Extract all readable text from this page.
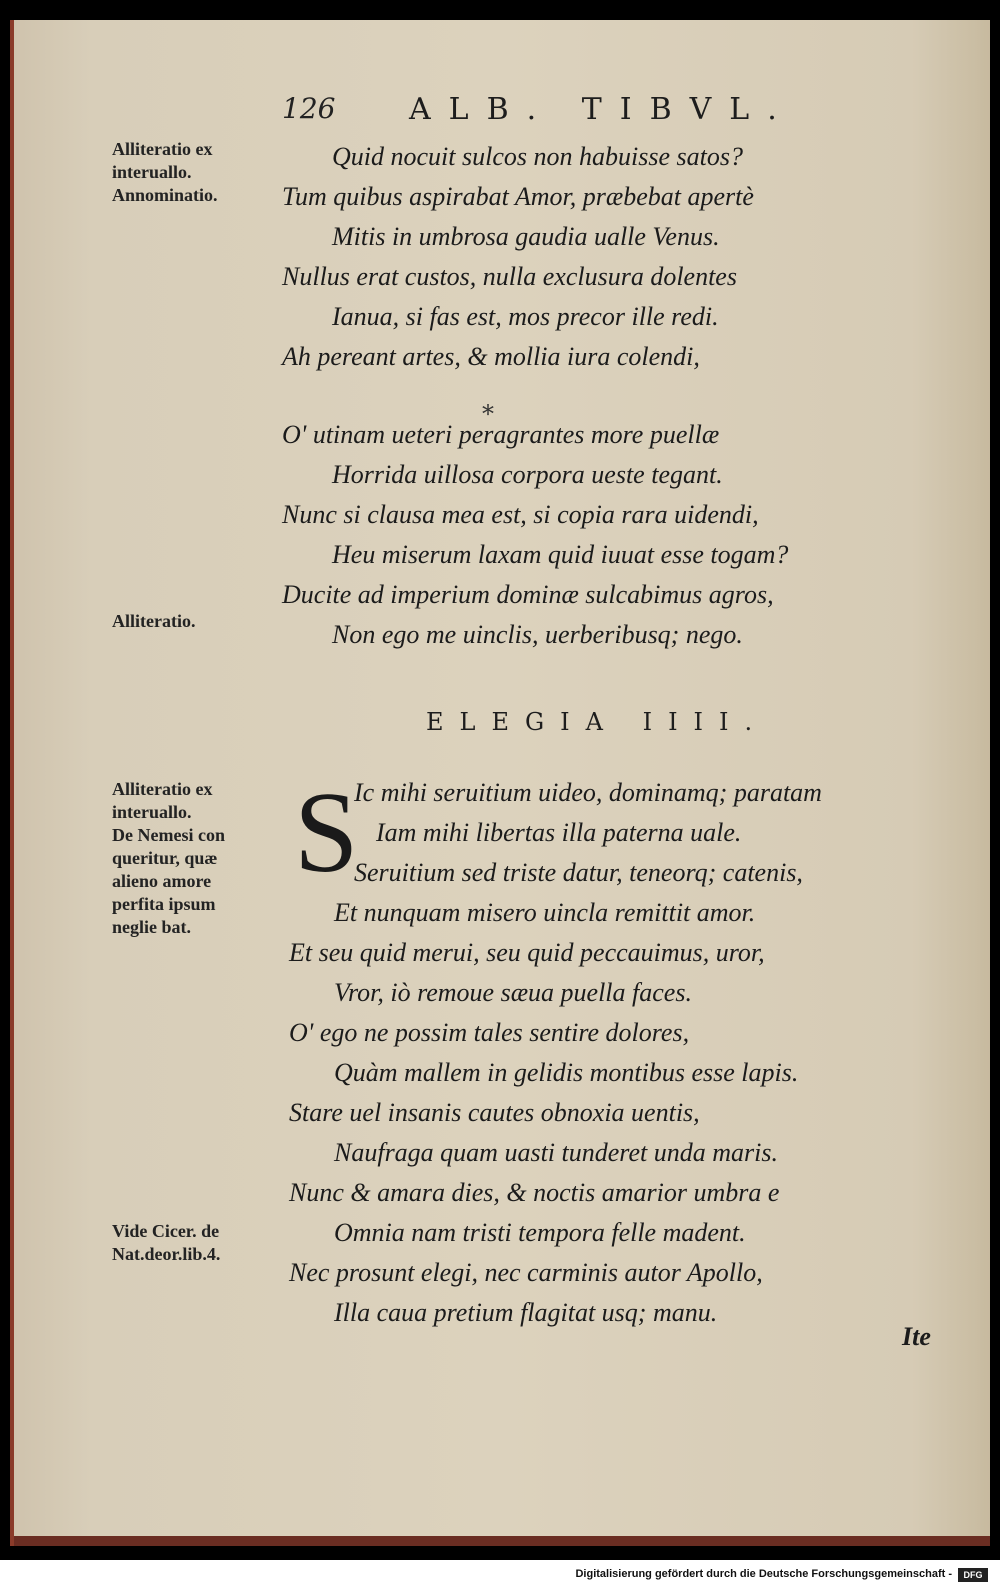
126 ALB. TIBVL.
Alliteratio ex
interuallo.
Annominatio.
Alliteratio.
Alliteratio ex
interuallo.
De Nemesi con
queritur, quæ
alieno amore
perfita ipsum
neglie bat.
Vide Cicer. de
Nat.deor.lib.4.
Quid nocuit sulcos non habuisse satos?
Tum quibus aspirabat Amor, præbebat apertè
Mitis in umbrosa gaudia ualle Venus.
Nullus erat custos, nulla exclusura dolentes
Ianua, si fas est, mos precor ille redi.
Ah pereant artes, & mollia iura colendi,
*
O' utinam ueteri peragrantes more puellæ
Horrida uillosa corpora ueste tegant.
Nunc si clausa mea est, si copia rara uidendi,
Heu miserum laxam quid iuuat esse togam?
Ducite ad imperium dominæ sulcabimus agros,
Non ego me uinclis, uerberibusq; nego.
ELEGIA IIII.
S
Ic mihi seruitium uideo, dominamq; paratam
Iam mihi libertas illa paterna uale.
Seruitium sed triste datur, teneorq; catenis,
Et nunquam misero uincla remittit amor.
Et seu quid merui, seu quid peccauimus, uror,
Vror, iò remoue sæua puella faces.
O' ego ne possim tales sentire dolores,
Quàm mallem in gelidis montibus esse lapis.
Stare uel insanis cautes obnoxia uentis,
Naufraga quam uasti tunderet unda maris.
Nunc & amara dies, & noctis amarior umbra e
Omnia nam tristi tempora felle madent.
Nec prosunt elegi, nec carminis autor Apollo,
Illa caua pretium flagitat usq; manu.
Ite
Digitalisierung gefördert durch die Deutsche Forschungsgemeinschaft -	DFG
